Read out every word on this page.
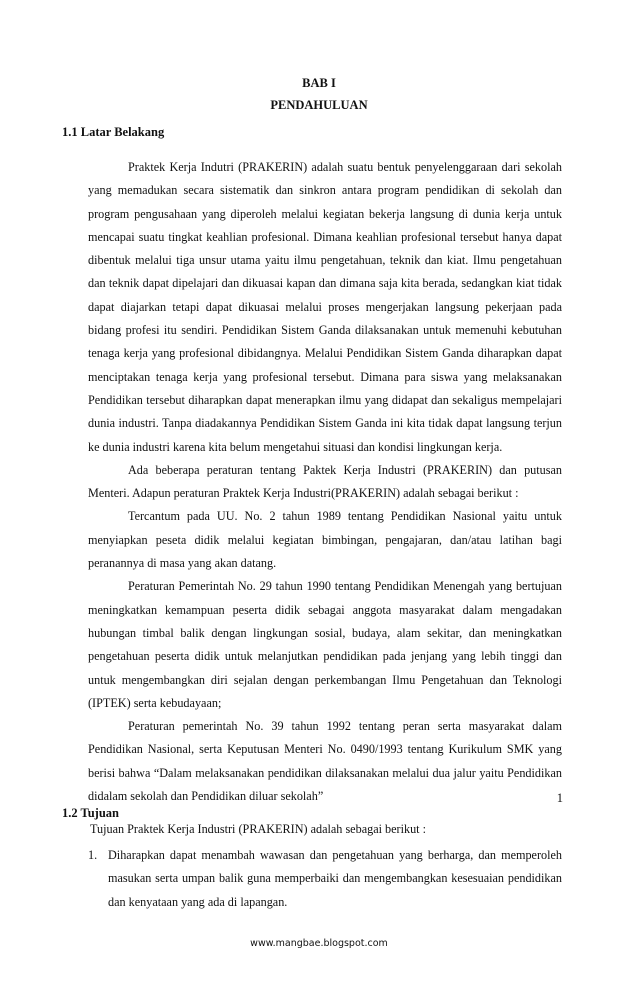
BAB I
PENDAHULUAN
1.1 Latar Belakang

Praktek Kerja Indutri (PRAKERIN) adalah suatu bentuk penyelenggaraan dari sekolah yang memadukan secara sistematik dan sinkron antara program pendidikan di sekolah dan program pengusahaan yang diperoleh melalui kegiatan bekerja langsung di dunia kerja untuk mencapai suatu tingkat keahlian profesional. Dimana keahlian profesional tersebut hanya dapat dibentuk melalui tiga unsur utama yaitu ilmu pengetahuan, teknik dan kiat. Ilmu pengetahuan dan teknik dapat dipelajari dan dikuasai kapan dan dimana saja kita berada, sedangkan kiat tidak dapat diajarkan tetapi dapat dikuasai melalui proses mengerjakan langsung pekerjaan pada bidang profesi itu sendiri. Pendidikan Sistem Ganda dilaksanakan untuk memenuhi kebutuhan tenaga kerja yang profesional dibidangnya. Melalui Pendidikan Sistem Ganda diharapkan dapat menciptakan tenaga kerja yang profesional tersebut. Dimana para siswa yang melaksanakan Pendidikan tersebut diharapkan dapat menerapkan ilmu yang didapat dan sekaligus mempelajari dunia industri. Tanpa diadakannya Pendidikan Sistem Ganda ini kita tidak dapat langsung terjun ke dunia industri karena kita belum mengetahui situasi dan kondisi lingkungan kerja.

Ada beberapa peraturan tentang Paktek Kerja Industri (PRAKERIN) dan putusan Menteri. Adapun peraturan Praktek Kerja Industri(PRAKERIN) adalah sebagai berikut :

Tercantum pada UU. No. 2 tahun 1989 tentang Pendidikan Nasional yaitu untuk menyiapkan peseta didik melalui kegiatan bimbingan, pengajaran, dan/atau latihan bagi peranannya di masa yang akan datang.

Peraturan Pemerintah No. 29 tahun 1990 tentang Pendidikan Menengah yang bertujuan meningkatkan kemampuan peserta didik sebagai anggota masyarakat dalam mengadakan hubungan timbal balik dengan lingkungan sosial, budaya, alam sekitar, dan meningkatkan pengetahuan peserta didik untuk melanjutkan pendidikan pada jenjang yang lebih tinggi dan untuk mengembangkan diri sejalan dengan perkembangan Ilmu Pengetahuan dan Teknologi (IPTEK) serta kebudayaan;

Peraturan pemerintah No. 39 tahun 1992 tentang peran serta masyarakat dalam Pendidikan Nasional, serta Keputusan Menteri No. 0490/1993 tentang Kurikulum SMK yang berisi bahwa “Dalam melaksanakan pendidikan dilaksanakan melalui dua jalur yaitu Pendidikan didalam sekolah dan Pendidikan diluar sekolah”	1
1.2 Tujuan
Tujuan Praktek Kerja Industri (PRAKERIN) adalah sebagai berikut :
1. Diharapkan dapat menambah wawasan dan pengetahuan yang berharga, dan memperoleh masukan serta umpan balik guna memperbaiki dan mengembangkan kesesuaian pendidikan dan kenyataan yang ada di lapangan.
www.mangbae.blogspot.com
